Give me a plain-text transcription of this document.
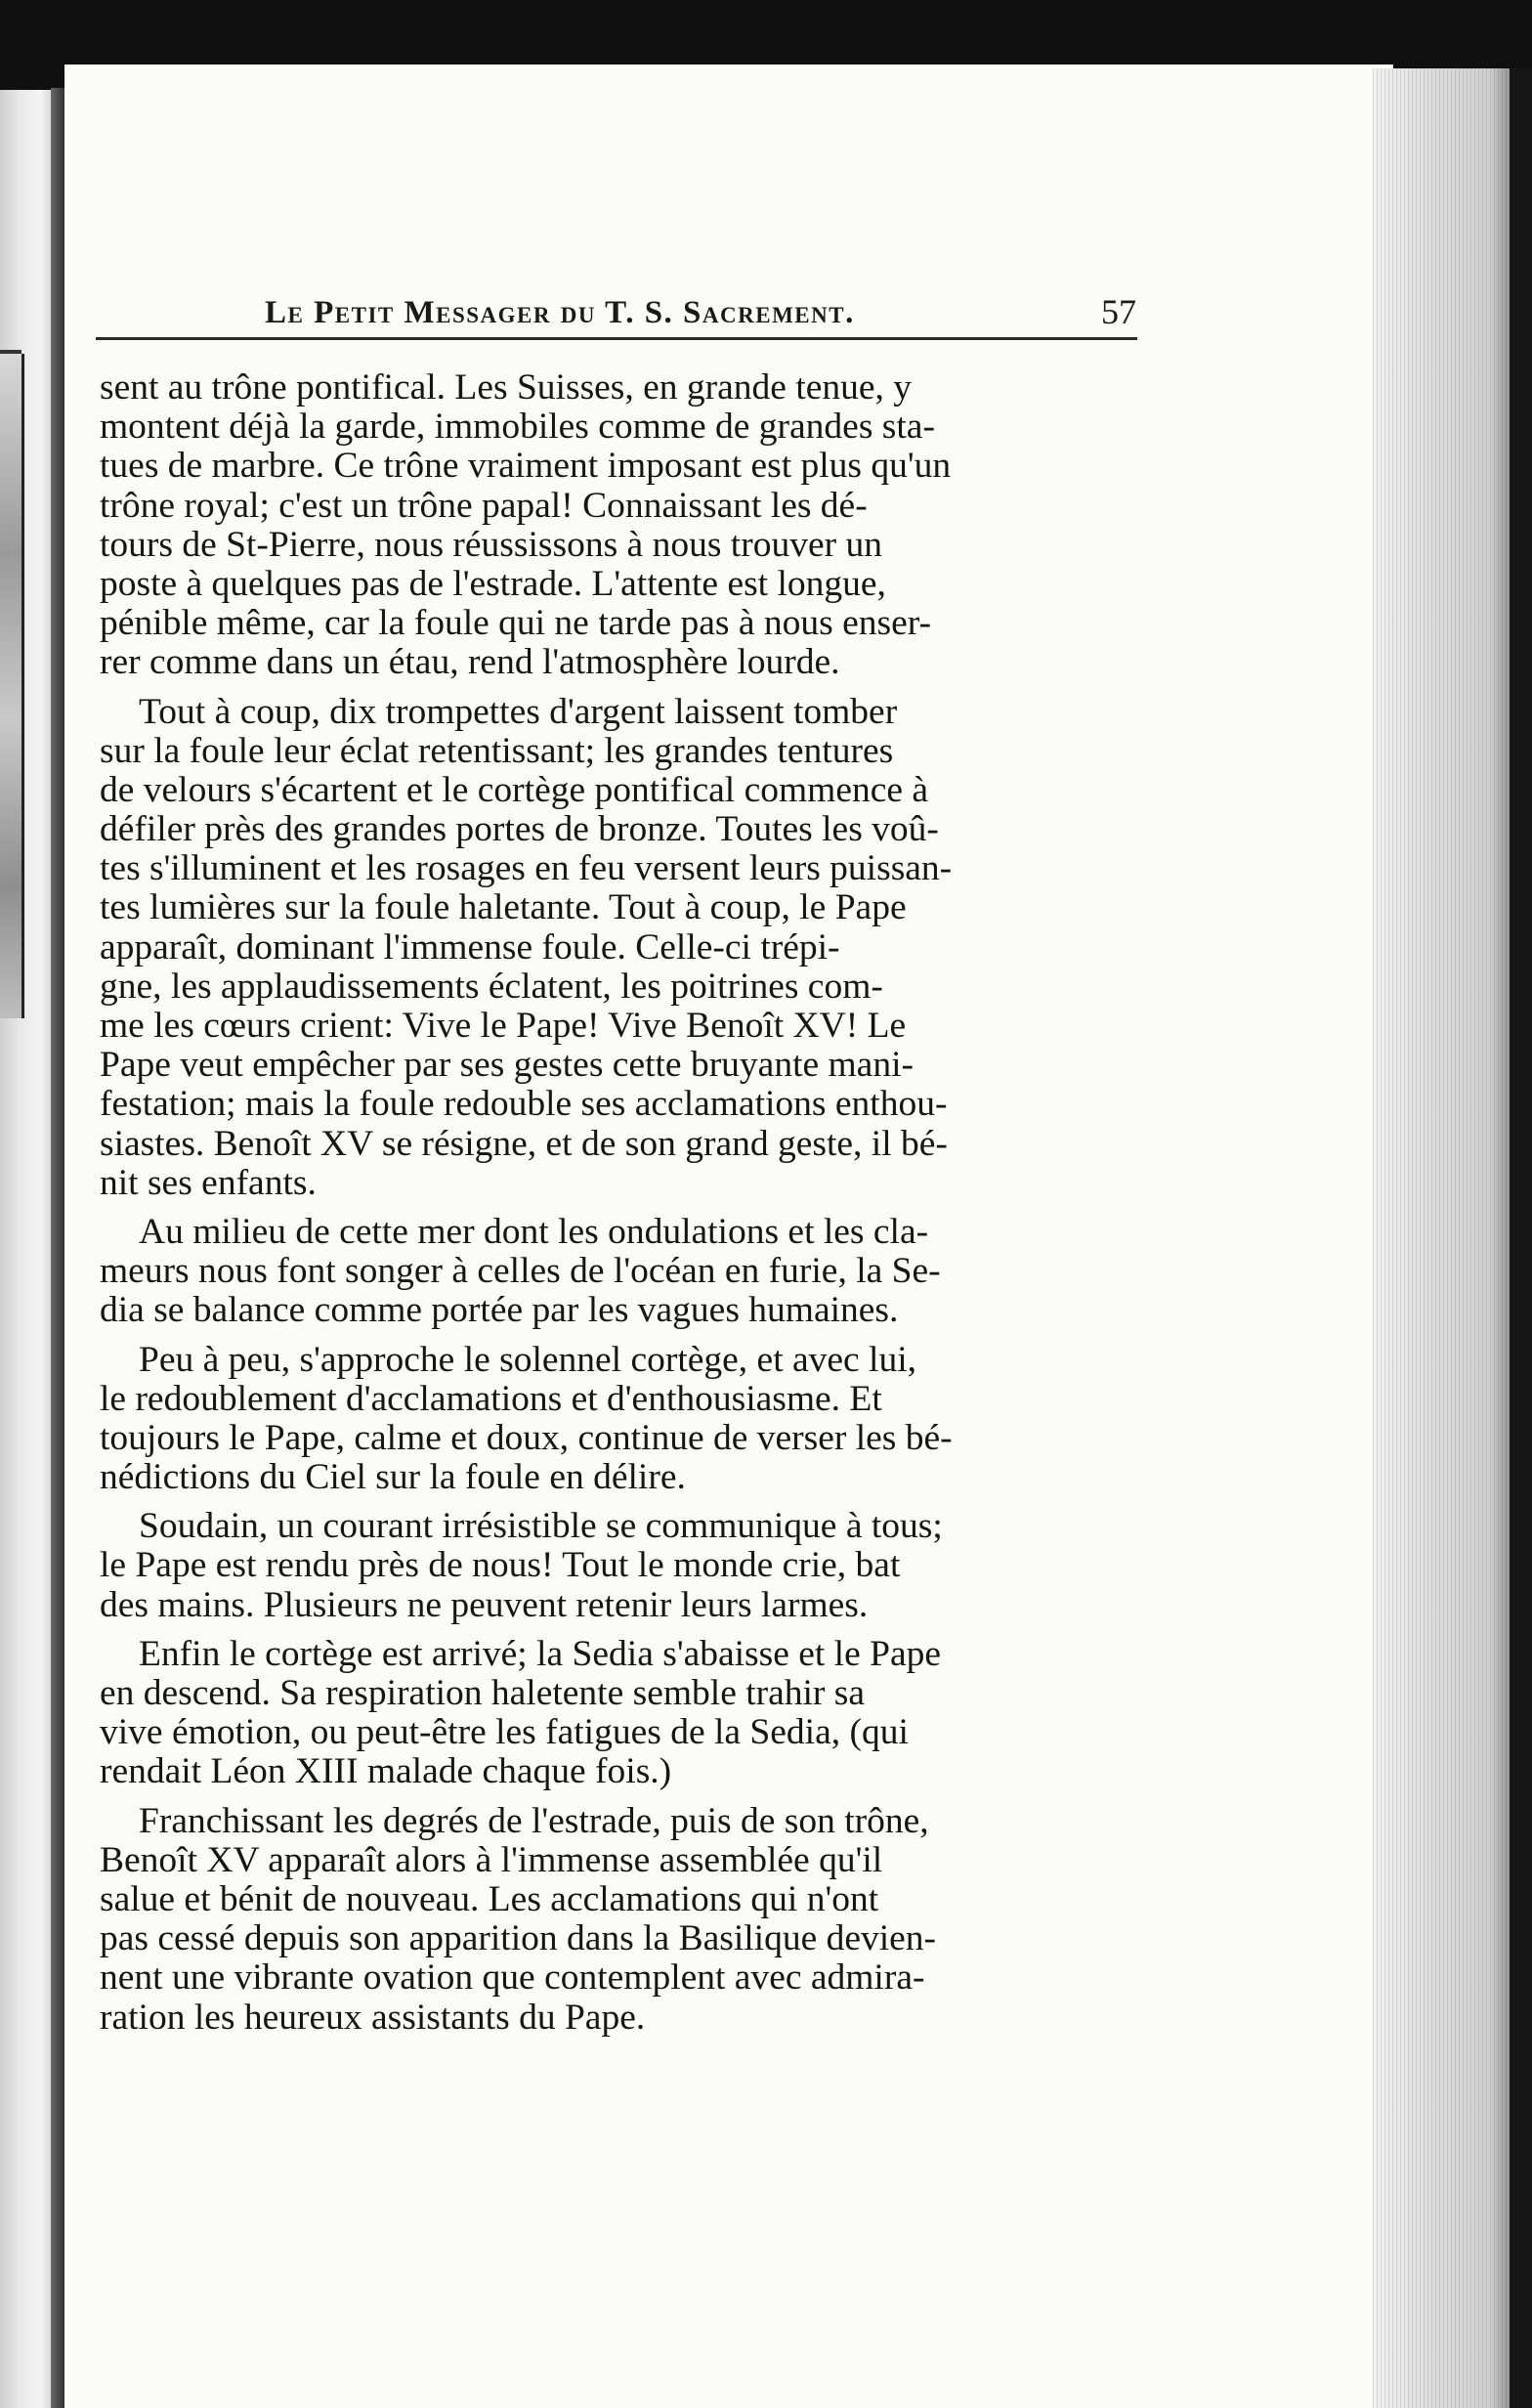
Le Petit Messager du T. S. Sacrement.	57
sent au trône pontifical. Les Suisses, en grande tenue, y
montent déjà la garde, immobiles comme de grandes sta-
tues de marbre. Ce trône vraiment imposant est plus qu'un
trône royal; c'est un trône papal! Connaissant les dé-
tours de St-Pierre, nous réussissons à nous trouver un
poste à quelques pas de l'estrade. L'attente est longue,
pénible même, car la foule qui ne tarde pas à nous enser-
rer comme dans un étau, rend l'atmosphère lourde.
Tout à coup, dix trompettes d'argent laissent tomber
sur la foule leur éclat retentissant; les grandes tentures
de velours s'écartent et le cortège pontifical commence à
défiler près des grandes portes de bronze. Toutes les voû-
tes s'illuminent et les rosages en feu versent leurs puissan-
tes lumières sur la foule haletante. Tout à coup, le Pape
apparaît, dominant l'immense foule. Celle-ci trépi-
gne, les applaudissements éclatent, les poitrines com-
me les cœurs crient: Vive le Pape! Vive Benoît XV! Le
Pape veut empêcher par ses gestes cette bruyante mani-
festation; mais la foule redouble ses acclamations enthou-
siastes. Benoît XV se résigne, et de son grand geste, il bé-
nit ses enfants.
Au milieu de cette mer dont les ondulations et les cla-
meurs nous font songer à celles de l'océan en furie, la Se-
dia se balance comme portée par les vagues humaines.
Peu à peu, s'approche le solennel cortège, et avec lui,
le redoublement d'acclamations et d'enthousiasme. Et
toujours le Pape, calme et doux, continue de verser les bé-
nédictions du Ciel sur la foule en délire.
Soudain, un courant irrésistible se communique à tous;
le Pape est rendu près de nous! Tout le monde crie, bat
des mains. Plusieurs ne peuvent retenir leurs larmes.
Enfin le cortège est arrivé; la Sedia s'abaisse et le Pape
en descend. Sa respiration haletente semble trahir sa
vive émotion, ou peut-être les fatigues de la Sedia, (qui
rendait Léon XIII malade chaque fois.)
Franchissant les degrés de l'estrade, puis de son trône,
Benoît XV apparaît alors à l'immense assemblée qu'il
salue et bénit de nouveau. Les acclamations qui n'ont
pas cessé depuis son apparition dans la Basilique devien-
nent une vibrante ovation que contemplent avec admira-
ration les heureux assistants du Pape.
